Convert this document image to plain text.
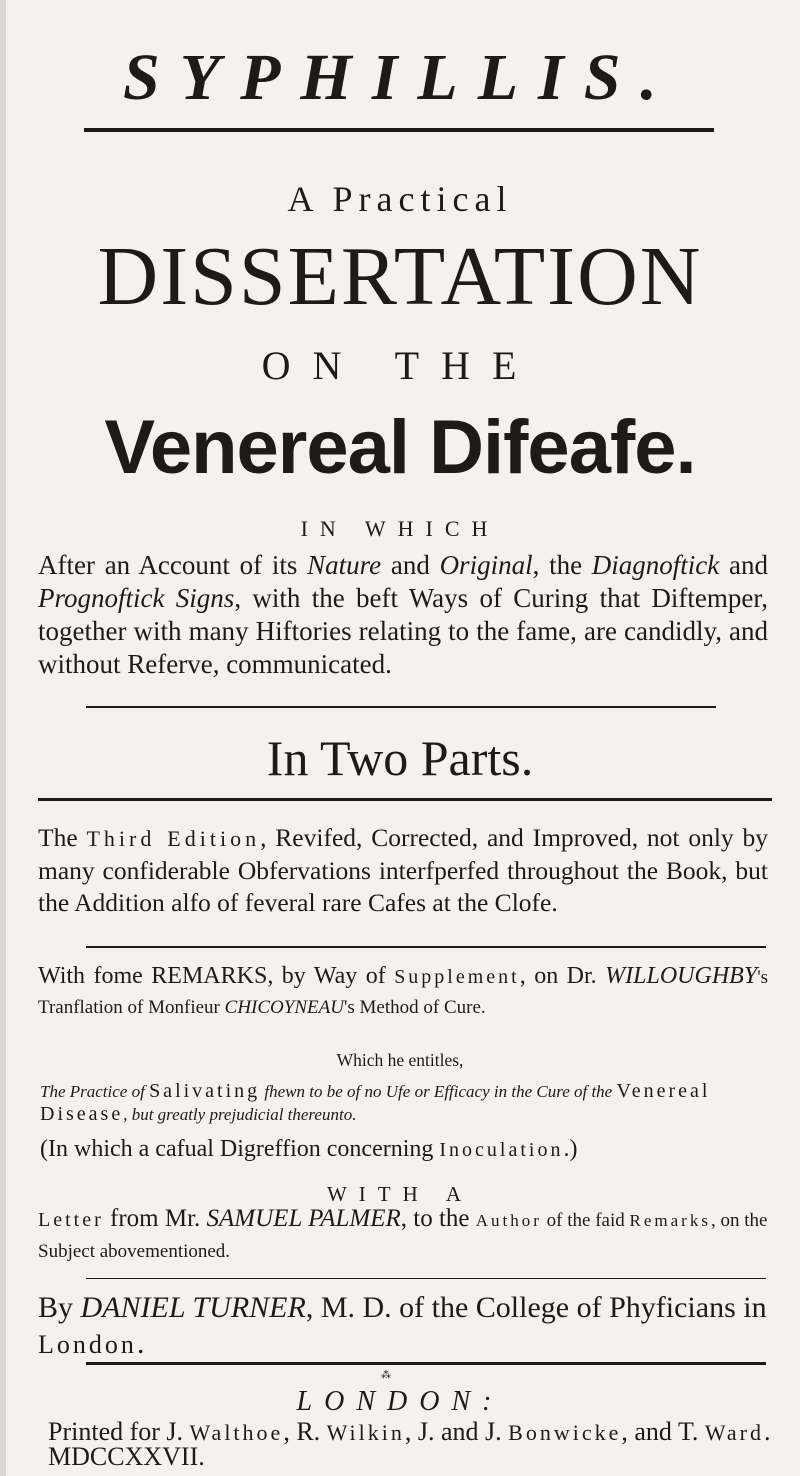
SYPHILLIS.
A Practical
DISSERTATION
ON THE
Venereal Difeafe.
IN WHICH
After an Account of its Nature and Original, the Diagnoftick and Prognoftick Signs, with the beft Ways of Curing that Diftemper, together with many Hiftories relating to the fame, are candidly, and without Referve, communicated.
In Two Parts.
The Third Edition, Revifed, Corrected, and Improved, not only by many confiderable Obfervations interfperfed throughout the Book, but the Addition alfo of feveral rare Cafes at the Clofe.
With fome REMARKS, by Way of Supplement, on Dr. WILLOUGHBY's Tranflation of Monfieur CHICOYNEAU's Method of Cure.
Which he entitles,
The Practice of Salivating fhewn to be of no Ufe or Efficacy in the Cure of the Venereal Disease, but greatly prejudicial thereunto.
(In which a cafual Digreffion concerning Inoculation.)
WITH A
Letter from Mr. SAMUEL PALMER, to the Author of the faid Remarks, on the Subject abovementioned.
By DANIEL TURNER, M. D. of the College of Phyficians in London.
⁂
LONDON:
Printed for J. Walthoe, R. Wilkin, J. and J. Bonwicke, and T. Ward. MDCCXXVII.
